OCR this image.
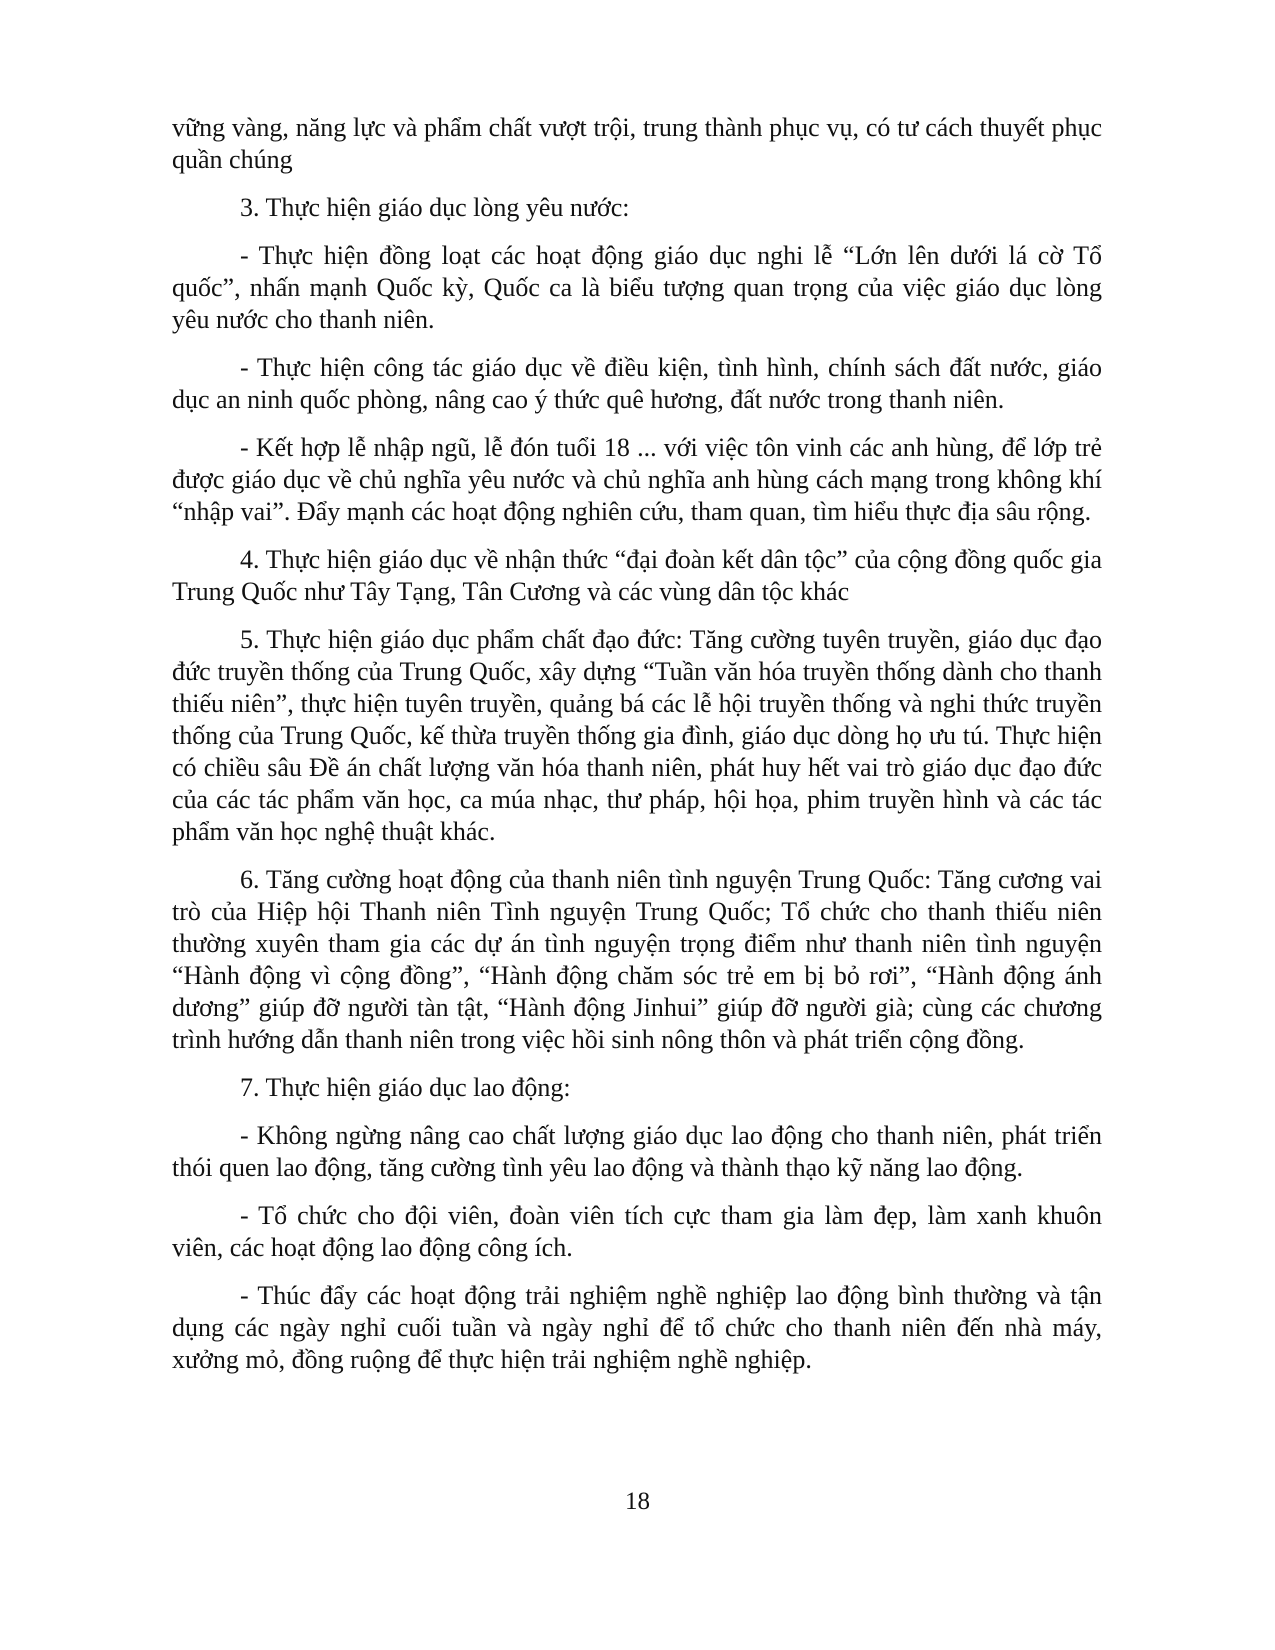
vững vàng, năng lực và phẩm chất vượt trội, trung thành phục vụ, có tư cách thuyết phục quần chúng

3. Thực hiện giáo dục lòng yêu nước:

- Thực hiện đồng loạt các hoạt động giáo dục nghi lễ “Lớn lên dưới lá cờ Tổ quốc”, nhấn mạnh Quốc kỳ, Quốc ca là biểu tượng quan trọng của việc giáo dục lòng yêu nước cho thanh niên.

- Thực hiện công tác giáo dục về điều kiện, tình hình, chính sách đất nước, giáo dục an ninh quốc phòng, nâng cao ý thức quê hương, đất nước trong thanh niên.

- Kết hợp lễ nhập ngũ, lễ đón tuổi 18 ... với việc tôn vinh các anh hùng, để lớp trẻ được giáo dục về chủ nghĩa yêu nước và chủ nghĩa anh hùng cách mạng trong không khí “nhập vai”. Đẩy mạnh các hoạt động nghiên cứu, tham quan, tìm hiểu thực địa sâu rộng.

4. Thực hiện giáo dục về nhận thức “đại đoàn kết dân tộc” của cộng đồng quốc gia Trung Quốc như Tây Tạng, Tân Cương và các vùng dân tộc khác

5. Thực hiện giáo dục phẩm chất đạo đức: Tăng cường tuyên truyền, giáo dục đạo đức truyền thống của Trung Quốc, xây dựng “Tuần văn hóa truyền thống dành cho thanh thiếu niên”, thực hiện tuyên truyền, quảng bá các lễ hội truyền thống và nghi thức truyền thống của Trung Quốc, kế thừa truyền thống gia đình, giáo dục dòng họ ưu tú. Thực hiện có chiều sâu Đề án chất lượng văn hóa thanh niên, phát huy hết vai trò giáo dục đạo đức của các tác phẩm văn học, ca múa nhạc, thư pháp, hội họa, phim truyền hình và các tác phẩm văn học nghệ thuật khác.

6. Tăng cường hoạt động của thanh niên tình nguyện Trung Quốc: Tăng cương vai trò của Hiệp hội Thanh niên Tình nguyện Trung Quốc; Tổ chức cho thanh thiếu niên thường xuyên tham gia các dự án tình nguyện trọng điểm như thanh niên tình nguyện “Hành động vì cộng đồng”, “Hành động chăm sóc trẻ em bị bỏ rơi”, “Hành động ánh dương” giúp đỡ người tàn tật, “Hành động Jinhui” giúp đỡ người già; cùng các chương trình hướng dẫn thanh niên trong việc hồi sinh nông thôn và phát triển cộng đồng.

7. Thực hiện giáo dục lao động:

- Không ngừng nâng cao chất lượng giáo dục lao động cho thanh niên, phát triển thói quen lao động, tăng cường tình yêu lao động và thành thạo kỹ năng lao động.

- Tổ chức cho đội viên, đoàn viên tích cực tham gia làm đẹp, làm xanh khuôn viên, các hoạt động lao động công ích.

- Thúc đẩy các hoạt động trải nghiệm nghề nghiệp lao động bình thường và tận dụng các ngày nghỉ cuối tuần và ngày nghỉ để tổ chức cho thanh niên đến nhà máy, xưởng mỏ, đồng ruộng để thực hiện trải nghiệm nghề nghiệp.

18
